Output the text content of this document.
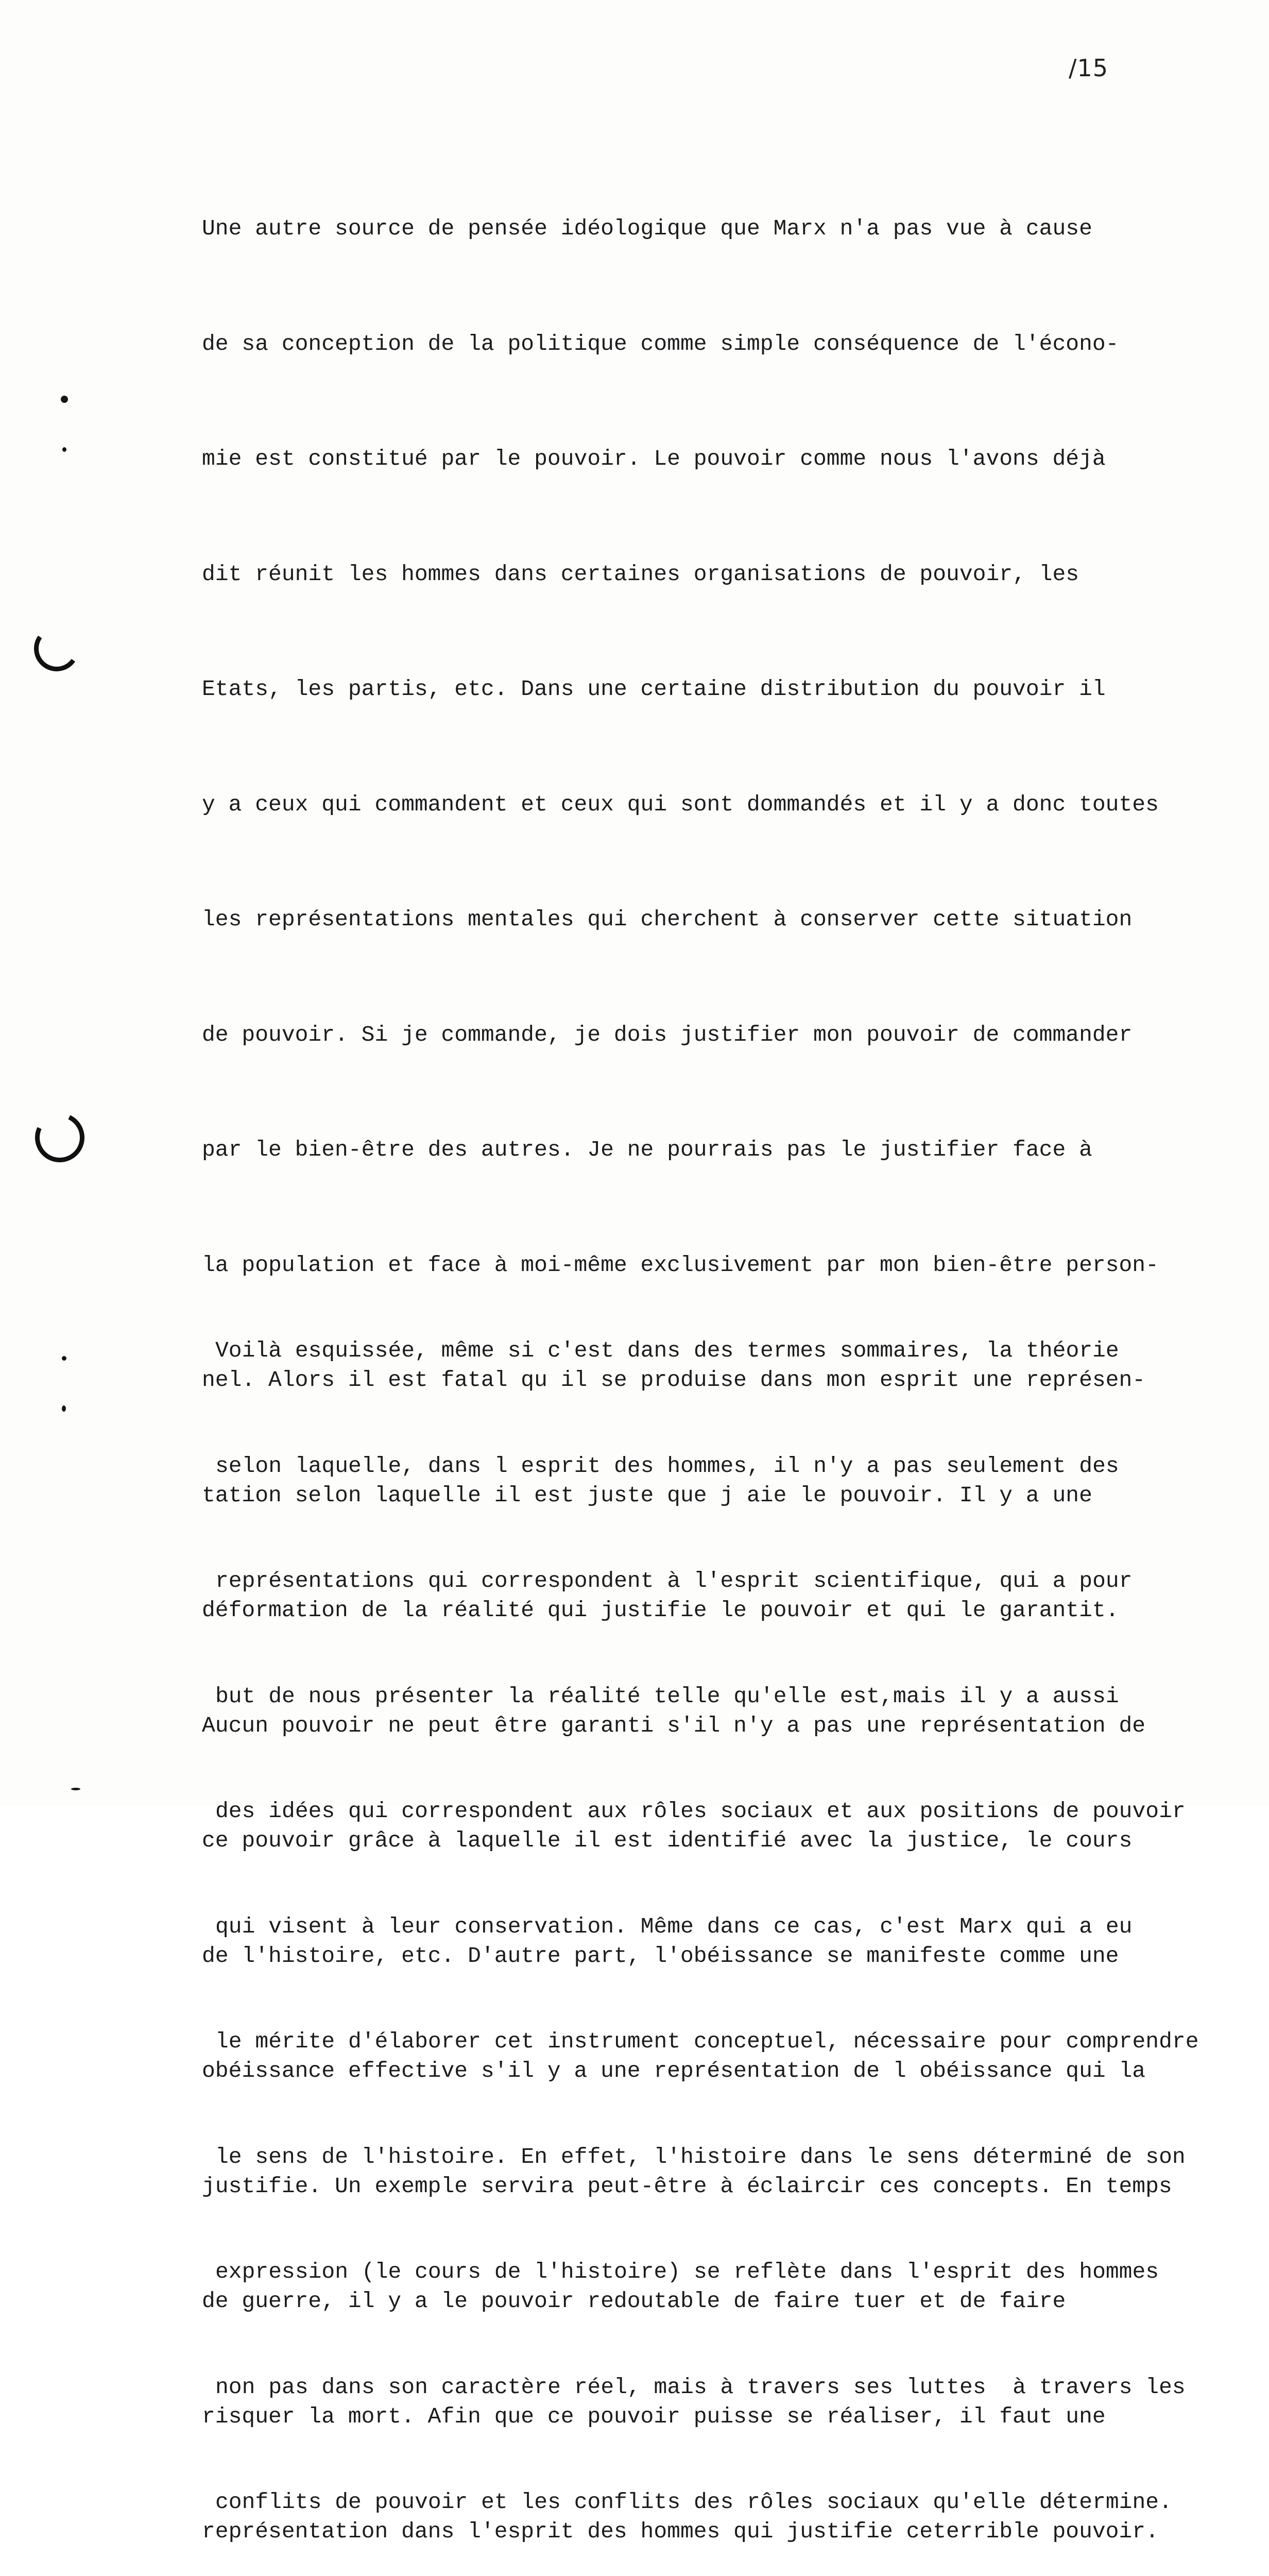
/15

Une autre source de pensée idéologique que Marx n'a pas vue à cause

de sa conception de la politique comme simple conséquence de l'écono-

mie est constitué par le pouvoir. Le pouvoir comme nous l'avons déjà

dit réunit les hommes dans certaines organisations de pouvoir, les

Etats, les partis, etc. Dans une certaine distribution du pouvoir il

y a ceux qui commandent et ceux qui sont dommandés et il y a donc toutes

les représentations mentales qui cherchent à conserver cette situation

de pouvoir. Si je commande, je dois justifier mon pouvoir de commander

par le bien-être des autres. Je ne pourrais pas le justifier face à

la population et face à moi-même exclusivement par mon bien-être person-

nel. Alors il est fatal qu il se produise dans mon esprit une représen-

tation selon laquelle il est juste que j aie le pouvoir. Il y a une

déformation de la réalité qui justifie le pouvoir et qui le garantit.

Aucun pouvoir ne peut être garanti s'il n'y a pas une représentation de

ce pouvoir grâce à laquelle il est identifié avec la justice, le cours

de l'histoire, etc. D'autre part, l'obéissance se manifeste comme une

obéissance effective s'il y a une représentation de l obéissance qui la

justifie. Un exemple servira peut-être à éclaircir ces concepts. En temps

de guerre, il y a le pouvoir redoutable de faire tuer et de faire

risquer la mort. Afin que ce pouvoir puisse se réaliser, il faut une

représentation dans l'esprit des hommes qui justifie ceterrible pouvoir.

Voilà esquissée, même si c'est dans des termes sommaires, la théorie

selon laquelle, dans l esprit des hommes, il n'y a pas seulement des

représentations qui correspondent à l'esprit scientifique, qui a pour

but de nous présenter la réalité telle qu'elle est,mais il y a aussi

des idées qui correspondent aux rôles sociaux et aux positions de pouvoir

qui visent à leur conservation. Même dans ce cas, c'est Marx qui a eu

le mérite d'élaborer cet instrument conceptuel, nécessaire pour comprendre

le sens de l'histoire. En effet, l'histoire dans le sens déterminé de son

expression (le cours de l'histoire) se reflète dans l'esprit des hommes

non pas dans son caractère réel, mais à travers ses luttes  à travers les

conflits de pouvoir et les conflits des rôles sociaux qu'elle détermine.
